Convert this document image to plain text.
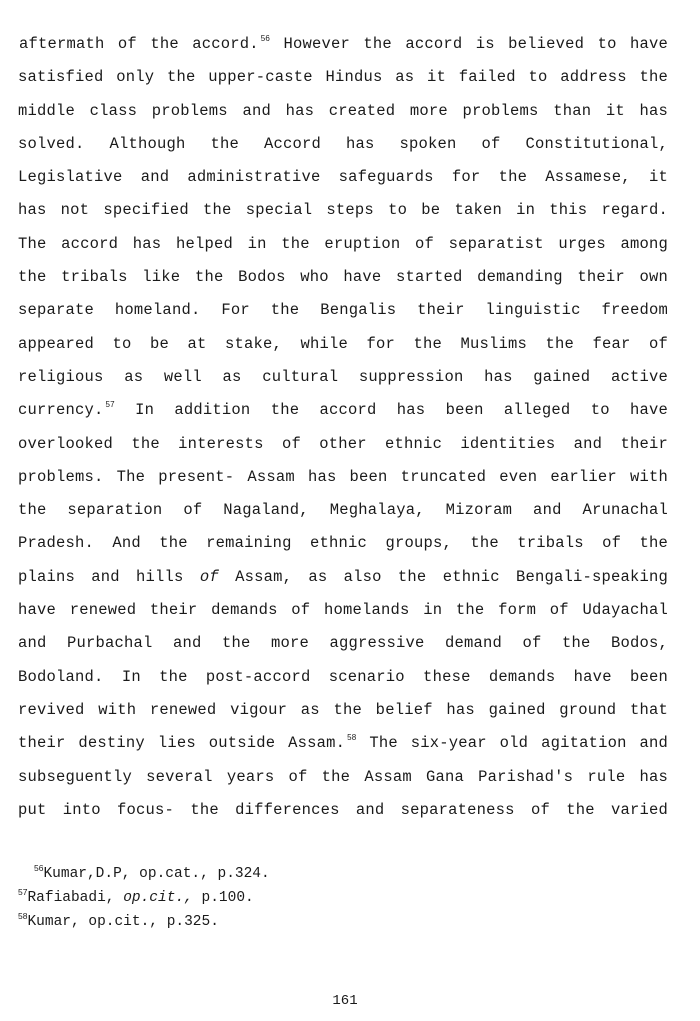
aftermath of the accord. $^{56}$ However the accord is believed to have
satisfied only the upper-caste Hindus as it failed to address the
middle class problems and has created more problems than it has
solved. Although the Accord has spoken of Constitutional,
Legislative and administrative safeguards for the Assamese, it
has not specified the special steps to be taken in this regard.
The accord has helped in the eruption of separatist urges among
the tribals like the Bodos who have started demanding their own
separate homeland. For the Bengalis their linguistic freedom
appeared to be at stake, while for the Muslims the fear of
religious as well as cultural suppression has gained active
currency. $^{57}$ In addition the accord has been alleged to have
overlooked the interests of other ethnic identities and their
problems. The present- Assam has been truncated even earlier with
the separation of Nagaland, Meghalaya, Mizoram and Arunachal
Pradesh. And the remaining ethnic groups, the tribals of the
plains and hills of Assam, as also the ethnic Bengali-speaking
have renewed their demands of homelands in the form of Udayachal
and Purbachal and the more aggressive demand of the Bodos,
Bodoland. In the post-accord scenario these demands have been
revived with renewed vigour as the belief has gained ground that
their destiny lies outside Assam. $^{58}$ The six-year old agitation and
subseguently several years of the Assam Gana Parishad's rule has
put into focus- the differences and separateness of the varied
$^{56}$Kumar,D.P, op.cat., p.324.
$^{57}$Rafiabadi, op.cit., p.100.
$^{58}$Kumar, op.cit., p.325.
161
